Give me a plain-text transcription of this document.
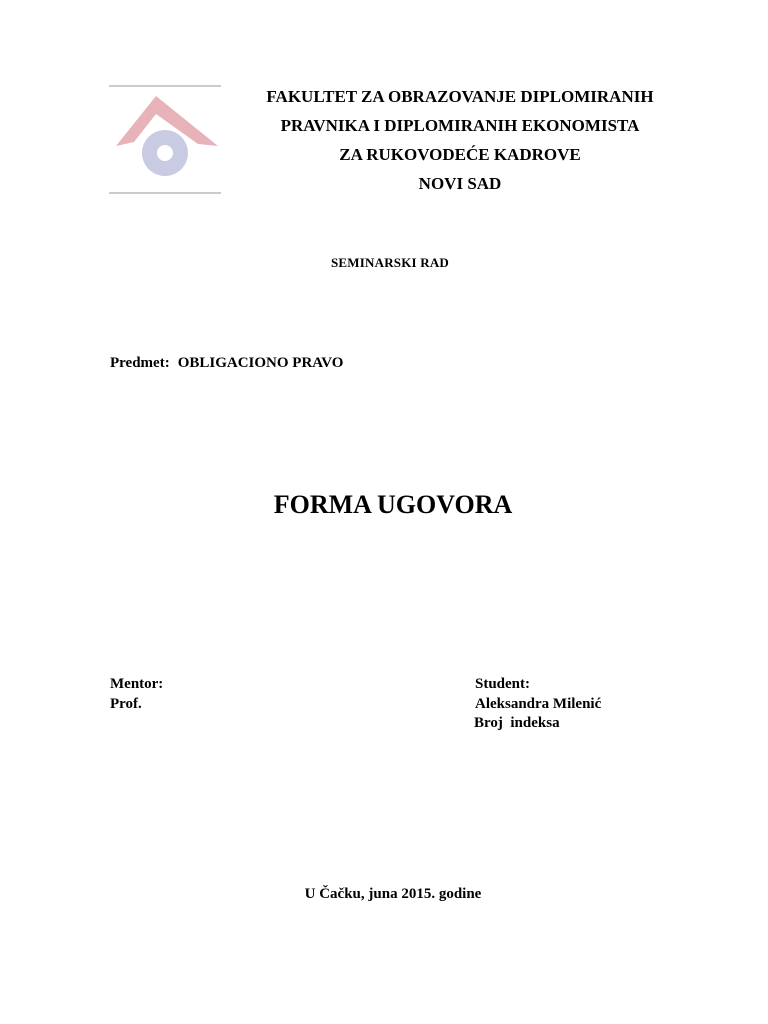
FAKULTET ZA OBRAZOVANJE DIPLOMIRANIH
PRAVNIKA I DIPLOMIRANIH EKONOMISTA
ZA RUKOVODEĆE KADROVE
NOVI SAD
SEMINARSKI RAD
Predmet: OBLIGACIONO PRAVO
FORMA UGOVORA
Mentor:
Prof.
Student:
Aleksandra Milenić
Broj  indeksa
U Čačku, juna 2015. godine
